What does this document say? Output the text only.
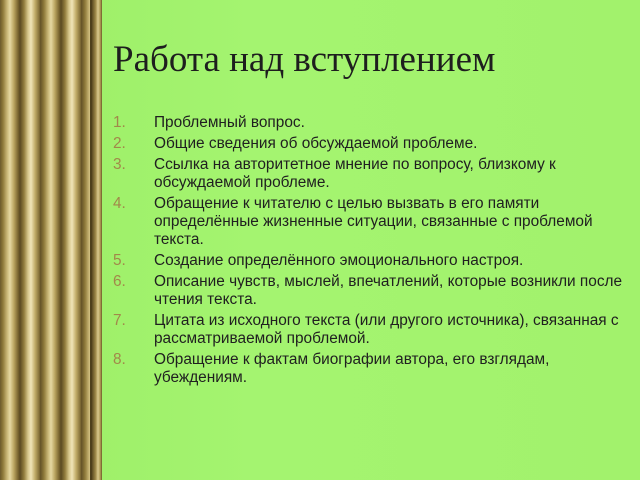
Работа над вступлением
1. Проблемный вопрос.
2. Общие сведения об обсуждаемой проблеме.
3. Ссылка на авторитетное мнение по вопросу, близкому к обсуждаемой проблеме.
4. Обращение к читателю с целью вызвать в его памяти определённые жизненные ситуации, связанные с проблемой текста.
5. Создание определённого эмоционального настроя.
6. Описание чувств, мыслей, впечатлений, которые возникли после чтения текста.
7. Цитата из исходного текста (или другого источника), связанная с рассматриваемой проблемой.
8. Обращение к фактам биографии автора, его взглядам, убеждениям.
